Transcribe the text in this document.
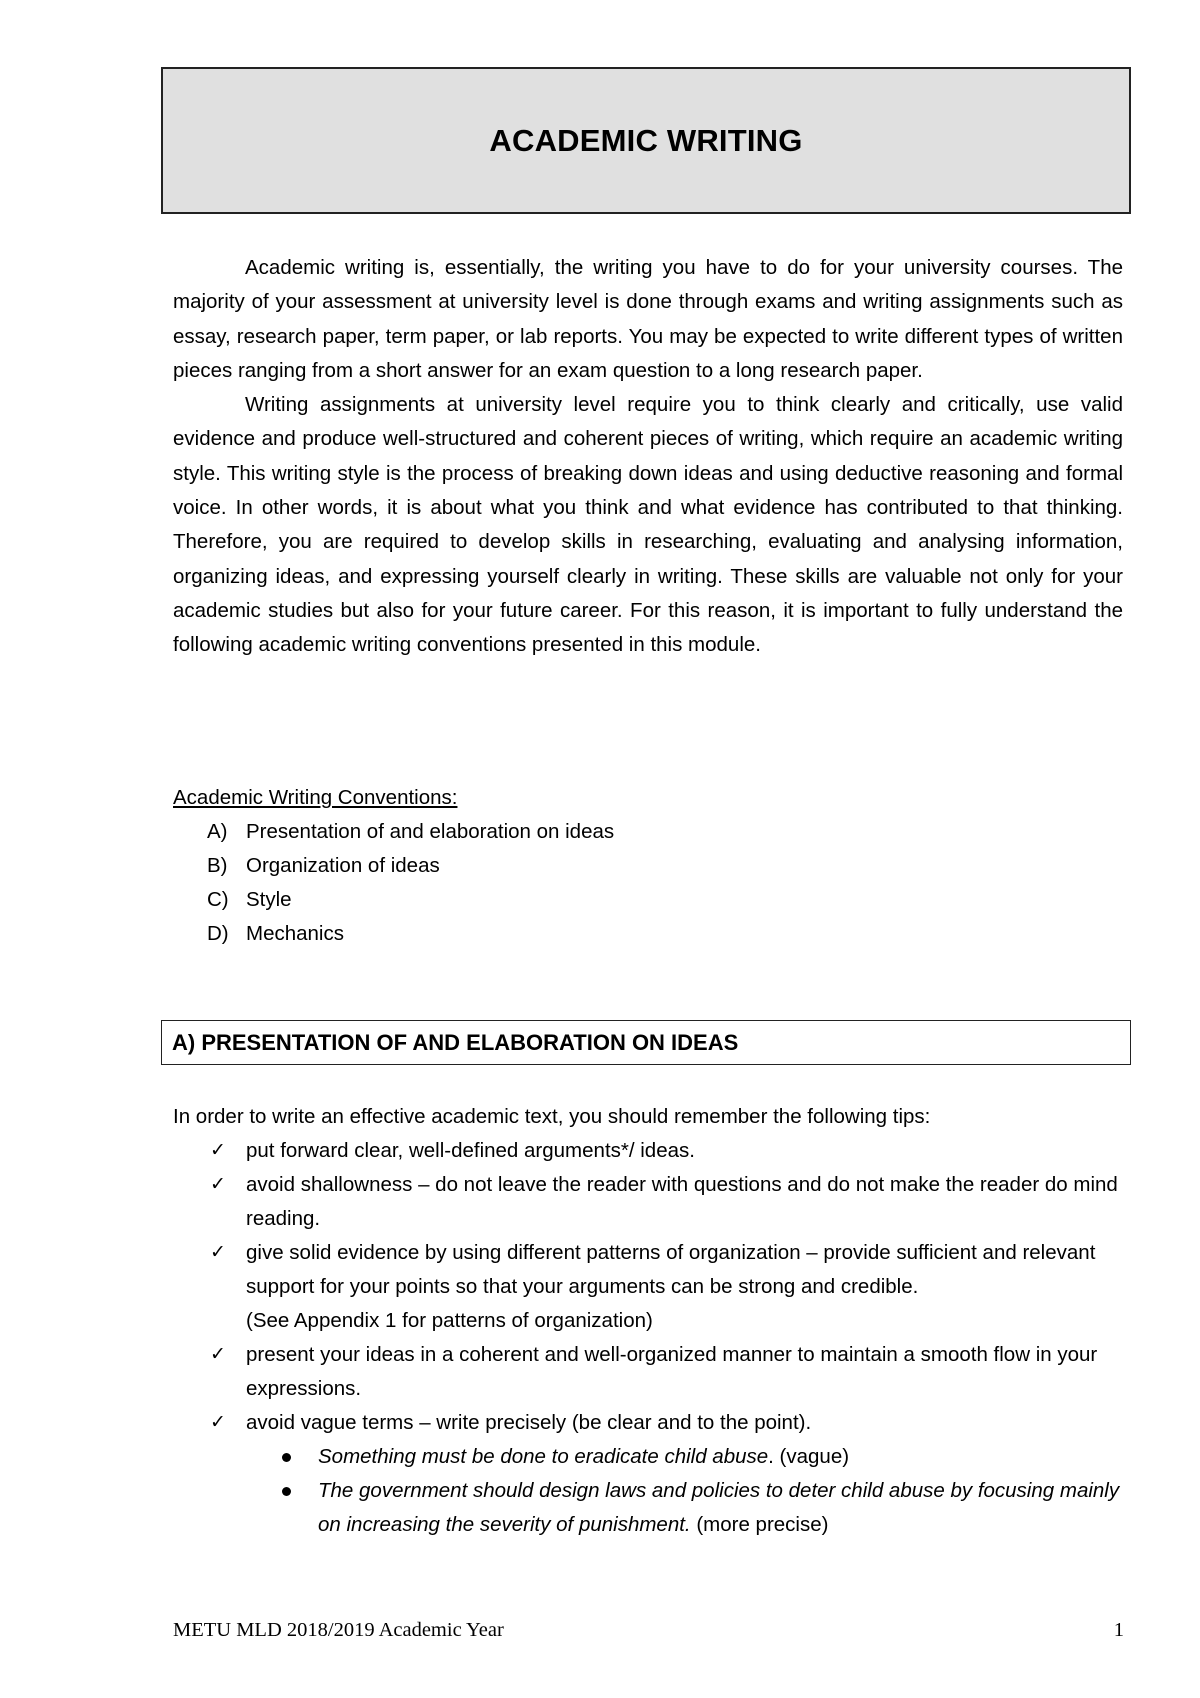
ACADEMIC WRITING

Academic writing is, essentially, the writing you have to do for your university courses. The majority of your assessment at university level is done through exams and writing assignments such as essay, research paper, term paper, or lab reports. You may be expected to write different types of written pieces ranging from a short answer for an exam question to a long research paper.

Writing assignments at university level require you to think clearly and critically, use valid evidence and produce well-structured and coherent pieces of writing, which require an academic writing style. This writing style is the process of breaking down ideas and using deductive reasoning and formal voice. In other words, it is about what you think and what evidence has contributed to that thinking. Therefore, you are required to develop skills in researching, evaluating and analysing information, organizing ideas, and expressing yourself clearly in writing. These skills are valuable not only for your academic studies but also for your future career. For this reason, it is important to fully understand the following academic writing conventions presented in this module.

Academic Writing Conventions:
A) Presentation of and elaboration on ideas
B) Organization of ideas
C) Style
D) Mechanics
A) PRESENTATION OF AND ELABORATION ON IDEAS

In order to write an effective academic text, you should remember the following tips:

✓ put forward clear, well-defined arguments*/ ideas.
✓ avoid shallowness – do not leave the reader with questions and do not make the reader do mind reading.
✓ give solid evidence by using different patterns of organization – provide sufficient and relevant support for your points so that your arguments can be strong and credible.
(See Appendix 1 for patterns of organization)
✓ present your ideas in a coherent and well-organized manner to maintain a smooth flow in your expressions.
✓ avoid vague terms – write precisely (be clear and to the point).
Something must be done to eradicate child abuse. (vague)
The government should design laws and policies to deter child abuse by focusing mainly on increasing the severity of punishment. (more precise)

METU MLD 2018/2019 Academic Year	1
